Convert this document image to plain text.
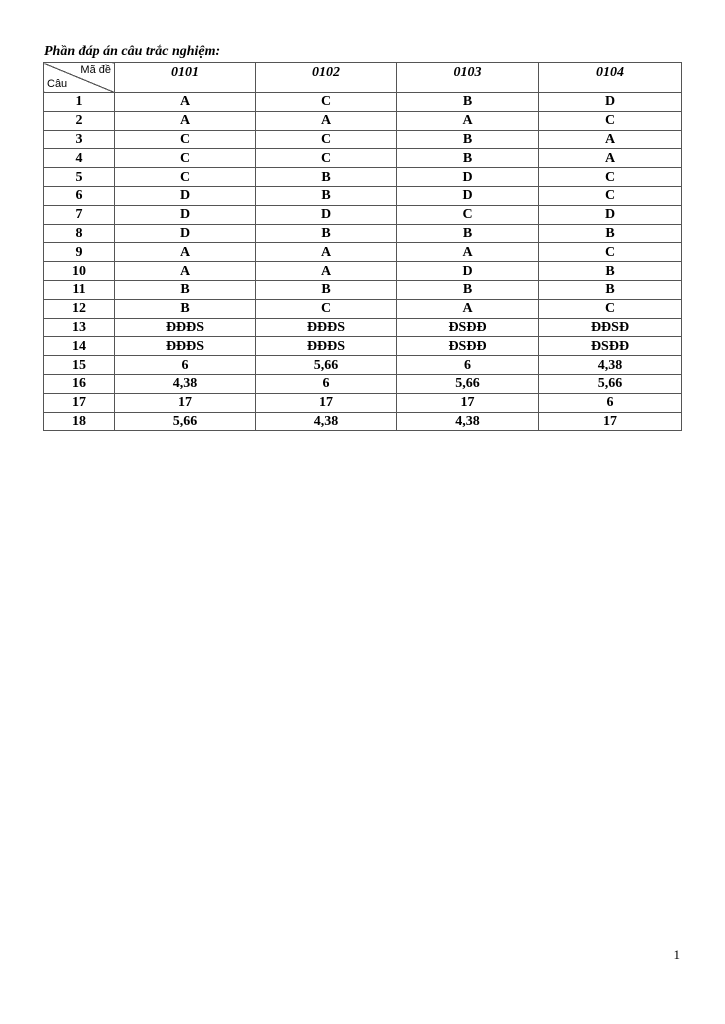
Phần đáp án câu trắc nghiệm:
Mã đề
Câu	0101	0102	0103	0104
1	A	C	B	D
2	A	A	A	C
3	C	C	B	A
4	C	C	B	A
5	C	B	D	C
6	D	B	D	C
7	D	D	C	D
8	D	B	B	B
9	A	A	A	C
10	A	A	D	B
11	B	B	B	B
12	B	C	A	C
13	ĐĐĐS	ĐĐĐS	ĐSĐĐ	ĐĐSĐ
14	ĐĐĐS	ĐĐĐS	ĐSĐĐ	ĐSĐĐ
15	6	5,66	6	4,38
16	4,38	6	5,66	5,66
17	17	17	17	6
18	5,66	4,38	4,38	17
1
